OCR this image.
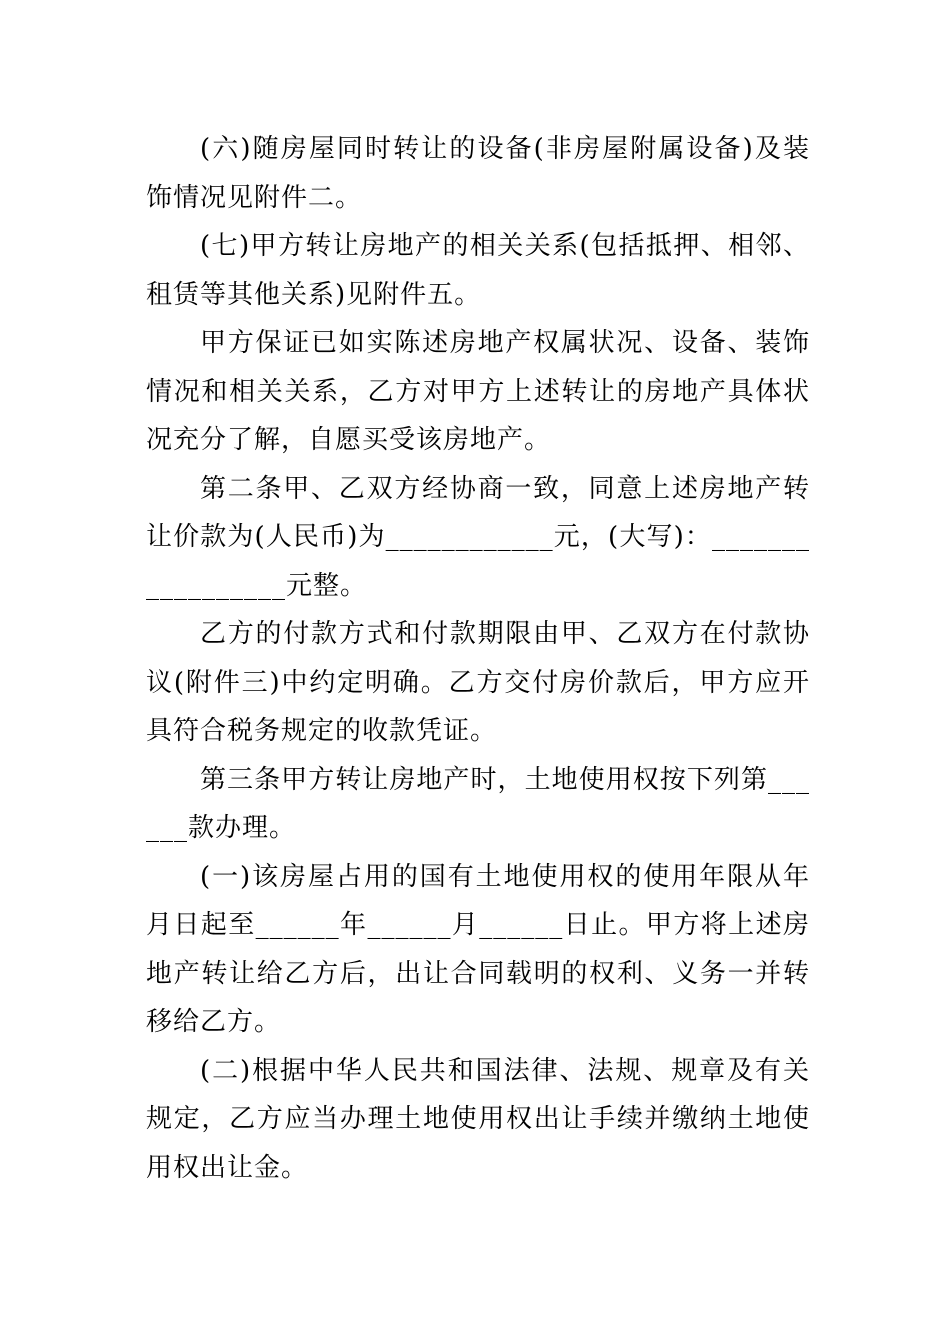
(六)随房屋同时转让的设备(非房屋附属设备)及装饰情况见附件二。

(七)甲方转让房地产的相关关系(包括抵押、相邻、租赁等其他关系)见附件五。

甲方保证已如实陈述房地产权属状况、设备、装饰情况和相关关系，乙方对甲方上述转让的房地产具体状况充分了解，自愿买受该房地产。

第二条甲、乙双方经协商一致，同意上述房地产转让价款为(人民币)为____________元，(大写)：_________________元整。

乙方的付款方式和付款期限由甲、乙双方在付款协议(附件三)中约定明确。乙方交付房价款后，甲方应开具符合税务规定的收款凭证。

第三条甲方转让房地产时，土地使用权按下列第______款办理。

(一)该房屋占用的国有土地使用权的使用年限从年月日起至______年______月______日止。甲方将上述房地产转让给乙方后，出让合同载明的权利、义务一并转移给乙方。

(二)根据中华人民共和国法律、法规、规章及有关规定，乙方应当办理土地使用权出让手续并缴纳土地使用权出让金。
